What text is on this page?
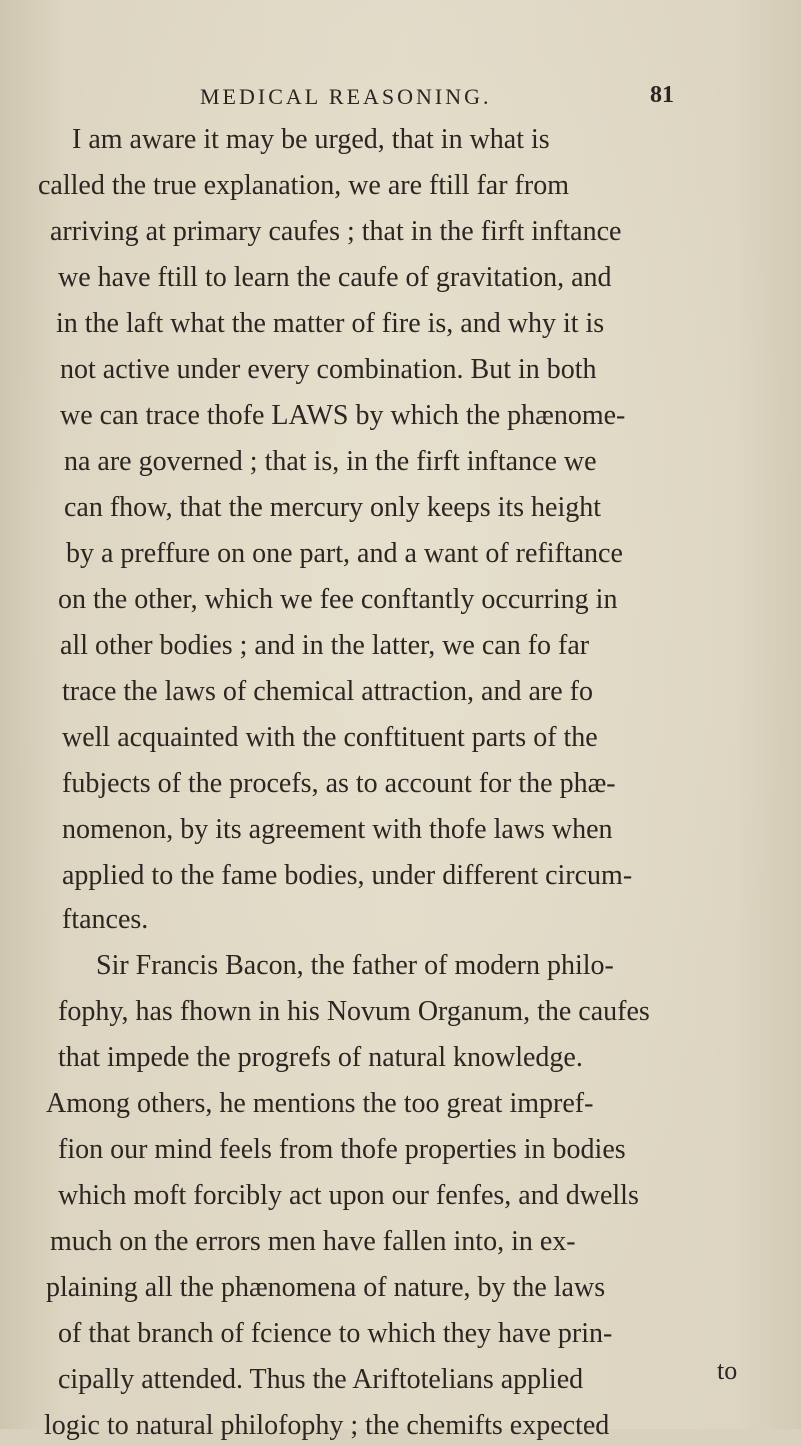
MEDICAL REASONING.	81
I am aware it may be urged, that in what is
called the true explanation, we are ftill far from
arriving at primary caufes ; that in the firft inftance
we have ftill to learn the caufe of gravitation, and
in the laft what the matter of fire is, and why it is
not active under every combination. But in both
we can trace thofe LAWS by which the phænome-
na are governed ; that is, in the firft inftance we
can fhow, that the mercury only keeps its height
by a preffure on one part, and a want of refiftance
on the other, which we fee conftantly occurring in
all other bodies ; and in the latter, we can fo far
trace the laws of chemical attraction, and are fo
well acquainted with the conftituent parts of the
fubjects of the procefs, as to account for the phæ-
nomenon, by its agreement with thofe laws when
applied to the fame bodies, under different circum-
ftances.
Sir Francis Bacon, the father of modern philo-
fophy, has fhown in his Novum Organum, the caufes
that impede the progrefs of natural knowledge.
Among others, he mentions the too great impref-
fion our mind feels from thofe properties in bodies
which moft forcibly act upon our fenfes, and dwells
much on the errors men have fallen into, in ex-
plaining all the phænomena of nature, by the laws
of that branch of fcience to which they have prin-
cipally attended. Thus the Ariftotelians applied
logic to natural philofophy ; the chemifts expected
to
